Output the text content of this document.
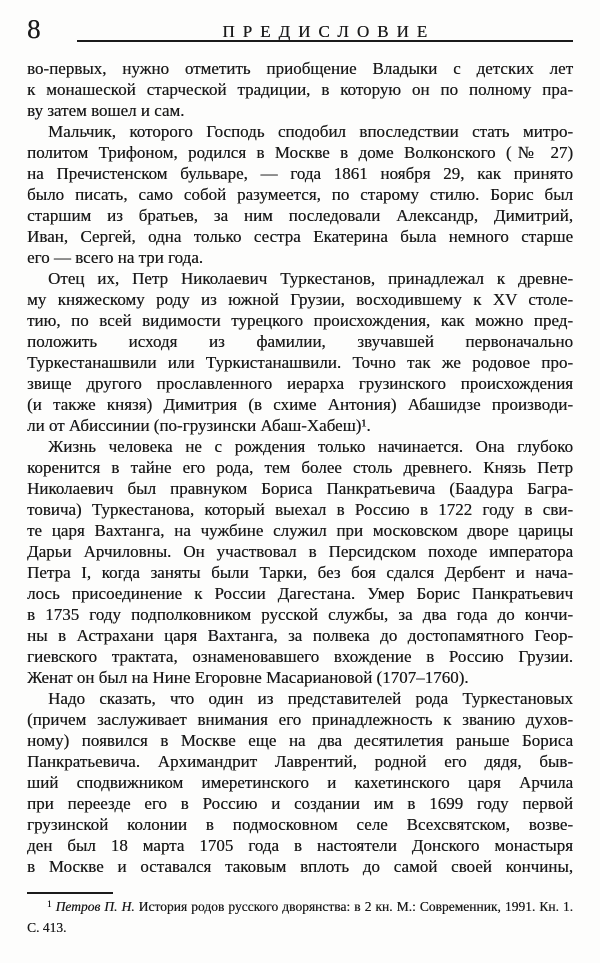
8	ПРЕДИСЛОВИЕ
во-первых, нужно отметить приобщение Владыки с детских лет
к монашеской старческой традиции, в которую он по полному пра-
ву затем вошел и сам.
Мальчик, которого Господь сподобил впоследствии стать митро-
политом Трифоном, родился в Москве в доме Волконского (№ 27)
на Пречистенском бульваре, — года 1861 ноября 29, как принято
было писать, само собой разумеется, по старому стилю. Борис был
старшим из братьев, за ним последовали Александр, Димитрий,
Иван, Сергей, одна только сестра Екатерина была немного старше
его — всего на три года.
Отец их, Петр Николаевич Туркестанов, принадлежал к древне-
му княжескому роду из южной Грузии, восходившему к XV столе-
тию, по всей видимости турецкого происхождения, как можно пред-
положить исходя из фамилии, звучавшей первоначально
Туркестанашвили или Туркистанашвили. Точно так же родовое про-
звище другого прославленного иерарха грузинского происхождения
(и также князя) Димитрия (в схиме Антония) Абашидзе производи-
ли от Абиссинии (по-грузински Абаш-Хабеш)¹.
Жизнь человека не с рождения только начинается. Она глубоко
коренится в тайне его рода, тем более столь древнего. Князь Петр
Николаевич был правнуком Бориса Панкратьевича (Баадура Багра-
товича) Туркестанова, который выехал в Россию в 1722 году в сви-
те царя Вахтанга, на чужбине служил при московском дворе царицы
Дарьи Арчиловны. Он участвовал в Персидском походе императора
Петра I, когда заняты были Тарки, без боя сдался Дербент и нача-
лось присоединение к России Дагестана. Умер Борис Панкратьевич
в 1735 году подполковником русской службы, за два года до кончи-
ны в Астрахани царя Вахтанга, за полвека до достопамятного Геор-
гиевского трактата, ознаменовавшего вхождение в Россию Грузии.
Женат он был на Нине Егоровне Масариановой (1707–1760).
Надо сказать, что один из представителей рода Туркестановых
(причем заслуживает внимания его принадлежность к званию духов-
ному) появился в Москве еще на два десятилетия раньше Бориса
Панкратьевича. Архимандрит Лаврентий, родной его дядя, быв-
ший сподвижником имеретинского и кахетинского царя Арчила
при переезде его в Россию и создании им в 1699 году первой
грузинской колонии в подмосковном селе Всехсвятском, возве-
ден был 18 марта 1705 года в настоятели Донского монастыря
в Москве и оставался таковым вплоть до самой своей кончины,

$^1$ Петров П. Н. История родов русского дворянства: в 2 кн. М.: Современник, 1991. Кн. 1. С. 413.
